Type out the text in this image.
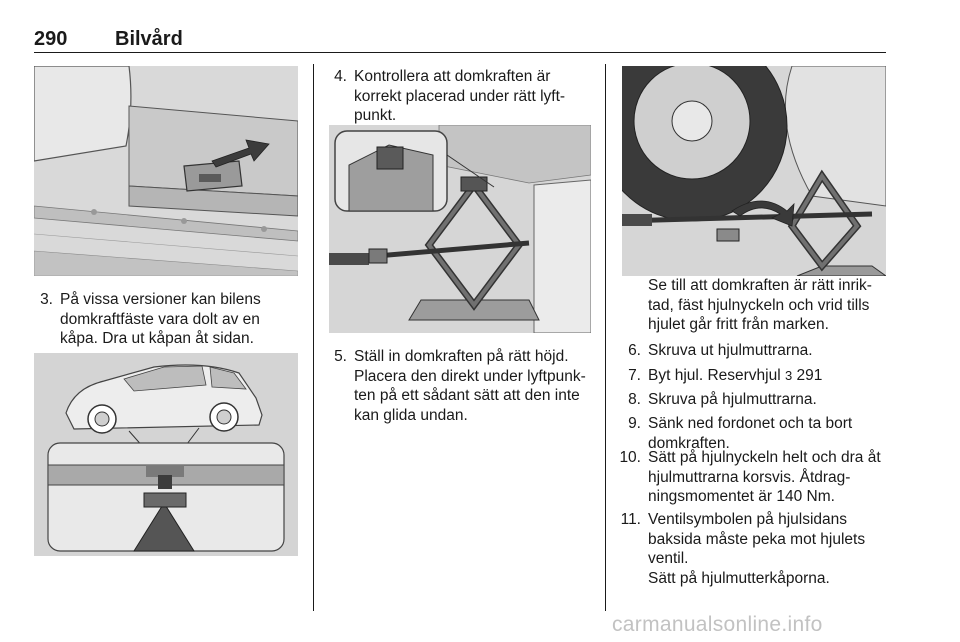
290 Bilvård
3. På vissa versioner kan bilens domkraftfäste vara dolt av en kåpa. Dra ut kåpan åt sidan.
4. Kontrollera att domkraften är korrekt placerad under rätt lyft-punkt.
5. Ställ in domkraften på rätt höjd. Placera den direkt under lyftpunk-ten på ett sådant sätt att den inte kan glida undan.
Se till att domkraften är rätt inrik-tad, fäst hjulnyckeln och vrid tills hjulet går fritt från marken.
6. Skruva ut hjulmuttrarna.
7. Byt hjul. Reservhjul 3 291
8. Skruva på hjulmuttrarna.
9. Sänk ned fordonet och ta bort domkraften.
10. Sätt på hjulnyckeln helt och dra åt hjulmuttrarna korsvis. Åtdrag-ningsmomentet är 140 Nm.
11. Ventilsymbolen på hjulsidans baksida måste peka mot hjulets ventil.
Sätt på hjulmutterkåporna.
carmanualsonline.info
